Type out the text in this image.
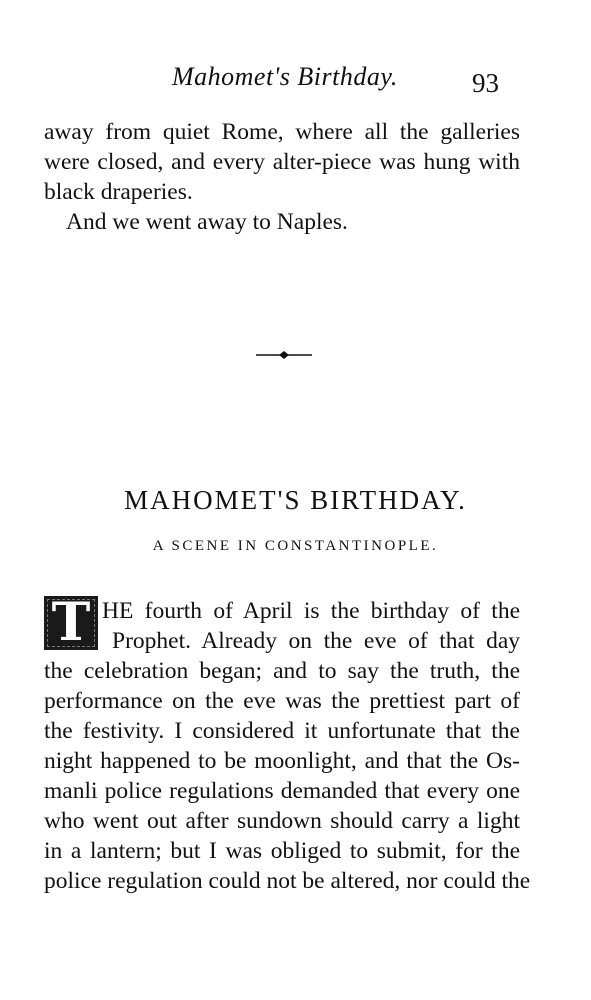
Mahomet's Birthday.	93
away from quiet Rome, where all the galleries
were closed, and every alter-piece was hung with
black draperies.
And we went away to Naples.
MAHOMET'S BIRTHDAY.
A SCENE IN CONSTANTINOPLE.
T HE fourth of April is the birthday of the
Prophet. Already on the eve of that day
the celebration began; and to say the truth, the
performance on the eve was the prettiest part of
the festivity. I considered it unfortunate that the
night happened to be moonlight, and that the Os-
manli police regulations demanded that every one
who went out after sundown should carry a light
in a lantern; but I was obliged to submit, for the
police regulation could not be altered, nor could the
